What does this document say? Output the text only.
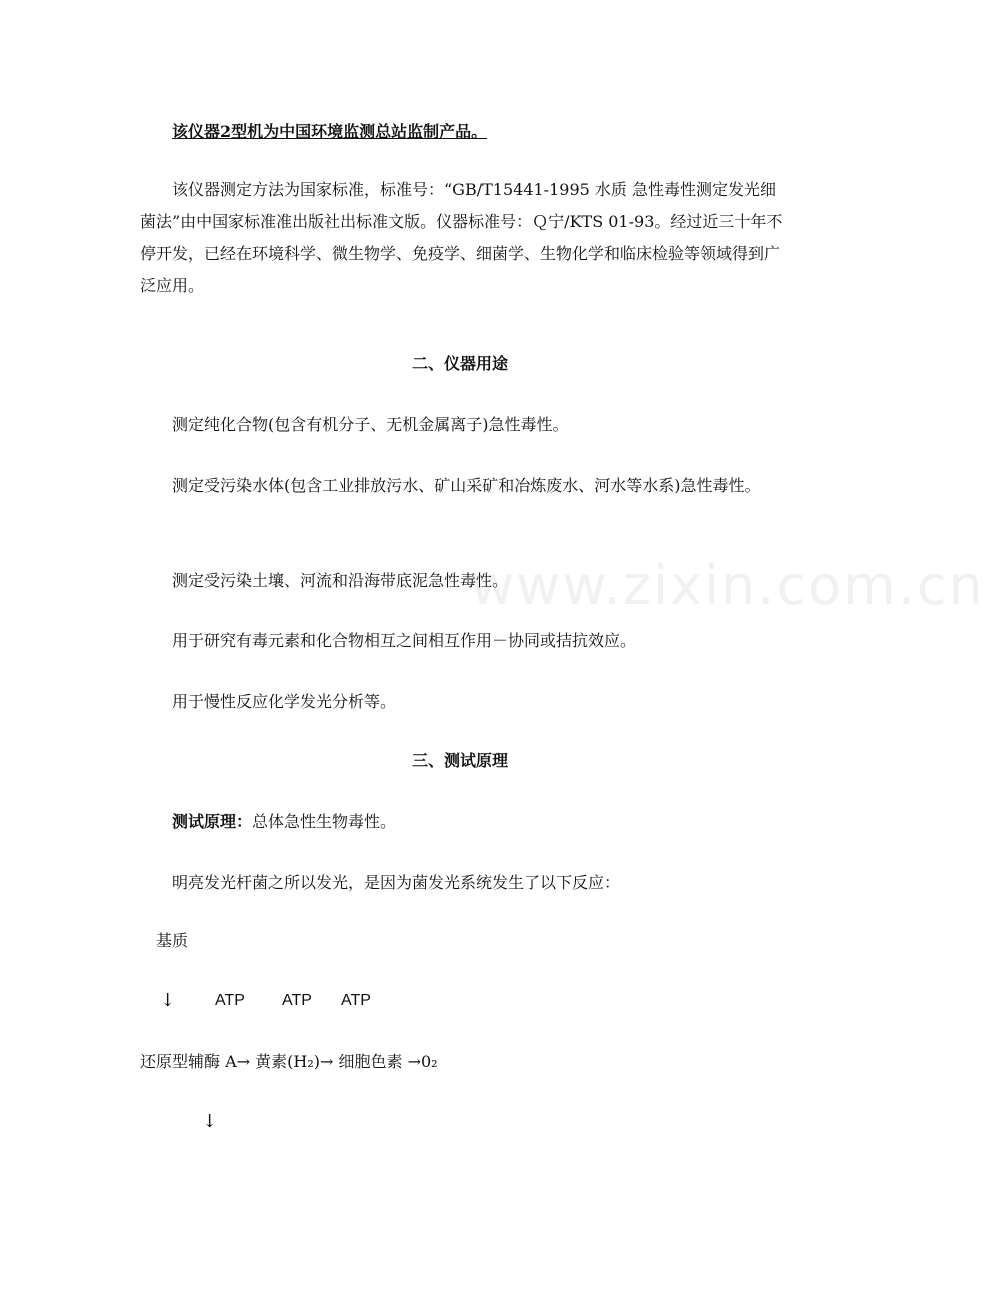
www.zixin.com.cn

该仪器2型机为中国环境监测总站监制产品。

该仪器测定方法为国家标准，标准号：“GB/T15441-1995 水质 急性毒性测定发光细菌法”由中国家标准准出版社出标准文版。仪器标准号：Ｑ宁/KTS 01-93。经过近三十年不停开发，已经在环境科学、微生物学、免疫学、细菌学、生物化学和临床检验等领域得到广泛应用。

二、仪器用途

测定纯化合物(包含有机分子、无机金属离子)急性毒性。

测定受污染水体(包含工业排放污水、矿山采矿和冶炼废水、河水等水系)急性毒性。

测定受污染土壤、河流和沿海带底泥急性毒性。

用于研究有毒元素和化合物相互之间相互作用－协同或拮抗效应。

用于慢性反应化学发光分析等。

三、测试原理

测试原理：总体急性生物毒性。

明亮发光杆菌之所以发光，是因为菌发光系统发生了以下反应：

基质
↓ ATP ATP ATP
还原型辅酶 A→ 黄素(H₂)→ 细胞色素 →0₂
↓
